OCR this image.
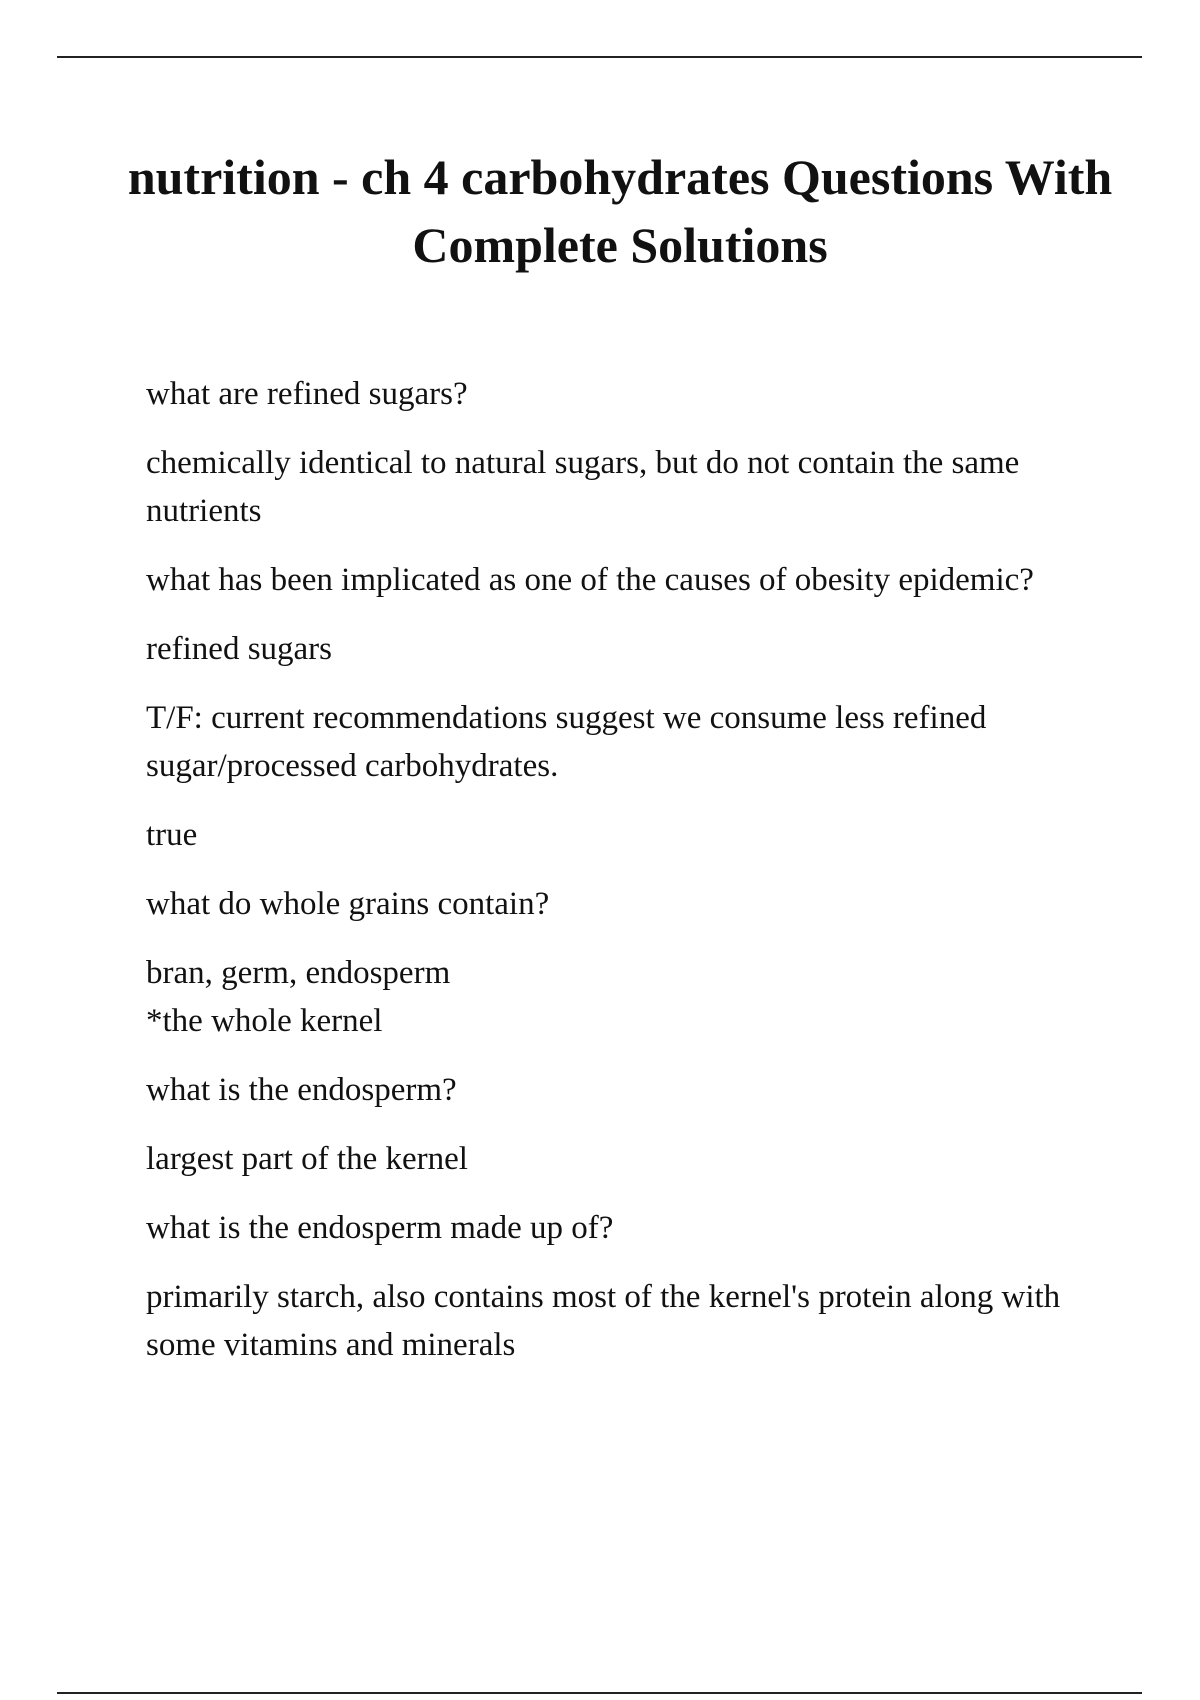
nutrition - ch 4 carbohydrates Questions With Complete Solutions

what are refined sugars?

chemically identical to natural sugars, but do not contain the same nutrients

what has been implicated as one of the causes of obesity epidemic?

refined sugars

T/F: current recommendations suggest we consume less refined sugar/processed carbohydrates.

true

what do whole grains contain?

bran, germ, endosperm
*the whole kernel

what is the endosperm?

largest part of the kernel

what is the endosperm made up of?

primarily starch, also contains most of the kernel's protein along with some vitamins and minerals
